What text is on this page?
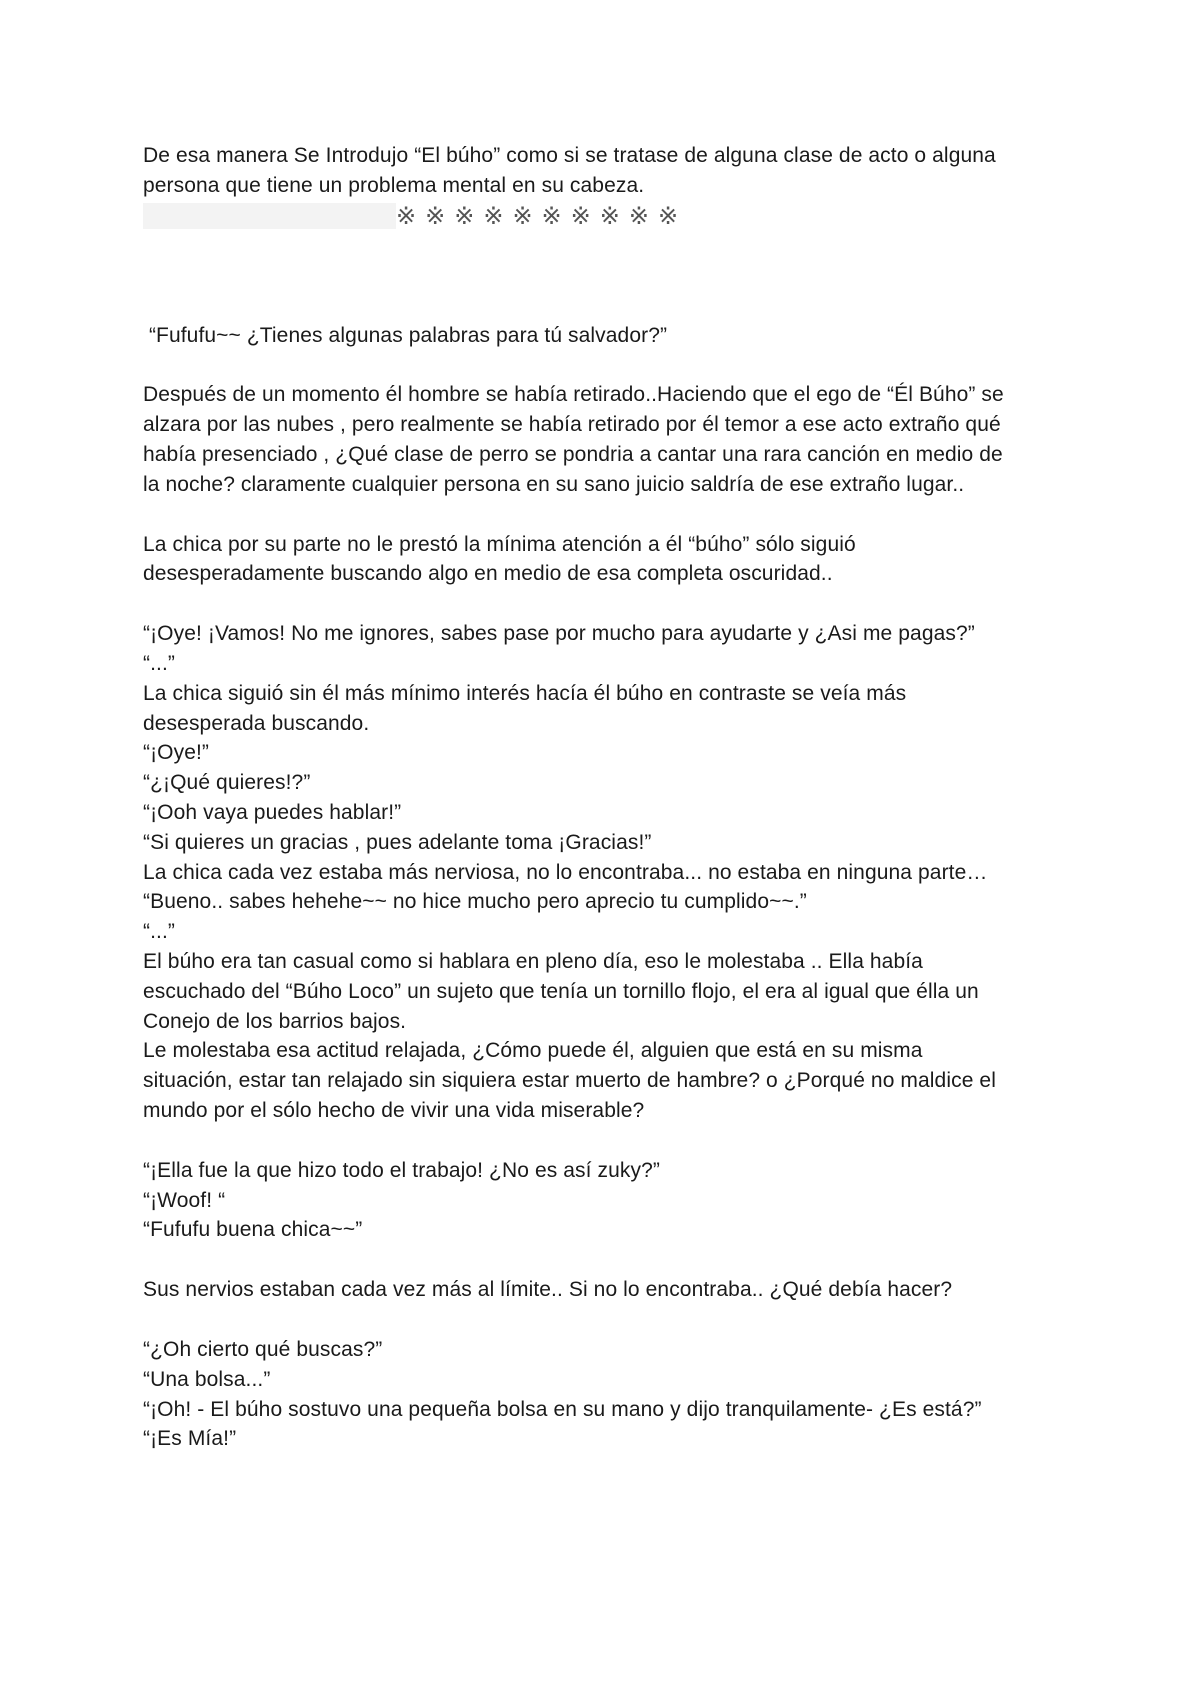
De esa manera Se Introdujo “El búho” como si se tratase de alguna clase de acto o alguna

persona que tiene un problema mental en su cabeza.

※※※※※※※※※※

“Fufufu~~ ¿Tienes algunas palabras para tú salvador?”

Después de un momento él hombre se había retirado..Haciendo que el ego de “Él Búho” se

alzara por las nubes , pero realmente se había retirado por él temor a ese acto extraño qué

había presenciado , ¿Qué clase de perro se pondria a cantar una rara canción en medio de

la noche? claramente cualquier persona en su sano juicio saldría de ese extraño lugar..

La chica por su parte no le prestó la mínima atención a él “búho” sólo siguió

desesperadamente buscando algo en medio de esa completa oscuridad..

“¡Oye! ¡Vamos! No me ignores, sabes pase por mucho para ayudarte y ¿Asi me pagas?”

“...”

La chica siguió sin él más mínimo interés hacía él búho en contraste se veía más

desesperada buscando.

“¡Oye!”

“¿¡Qué quieres!?”

“¡Ooh vaya puedes hablar!”

“Si quieres un gracias , pues adelante toma ¡Gracias!”

La chica cada vez estaba más nerviosa, no lo encontraba... no estaba en ninguna parte…

“Bueno.. sabes hehehe~~ no hice mucho pero aprecio tu cumplido~~.”

“...”

El búho era tan casual como si hablara en pleno día, eso le molestaba .. Ella había

escuchado del “Búho Loco” un sujeto que tenía un tornillo flojo, el era al igual que élla un

Conejo de los barrios bajos.

Le molestaba esa actitud relajada, ¿Cómo puede él, alguien que está en su misma

situación, estar tan relajado sin siquiera estar muerto de hambre? o ¿Porqué no maldice el

mundo por el sólo hecho de vivir una vida miserable?

“¡Ella fue la que hizo todo el trabajo! ¿No es así zuky?”

“¡Woof! “

“Fufufu buena chica~~”

Sus nervios estaban cada vez más al límite.. Si no lo encontraba.. ¿Qué debía hacer?

“¿Oh cierto qué buscas?”

“Una bolsa...”

“¡Oh! - El búho sostuvo una pequeña bolsa en su mano y dijo tranquilamente- ¿Es está?”

“¡Es Mía!”
